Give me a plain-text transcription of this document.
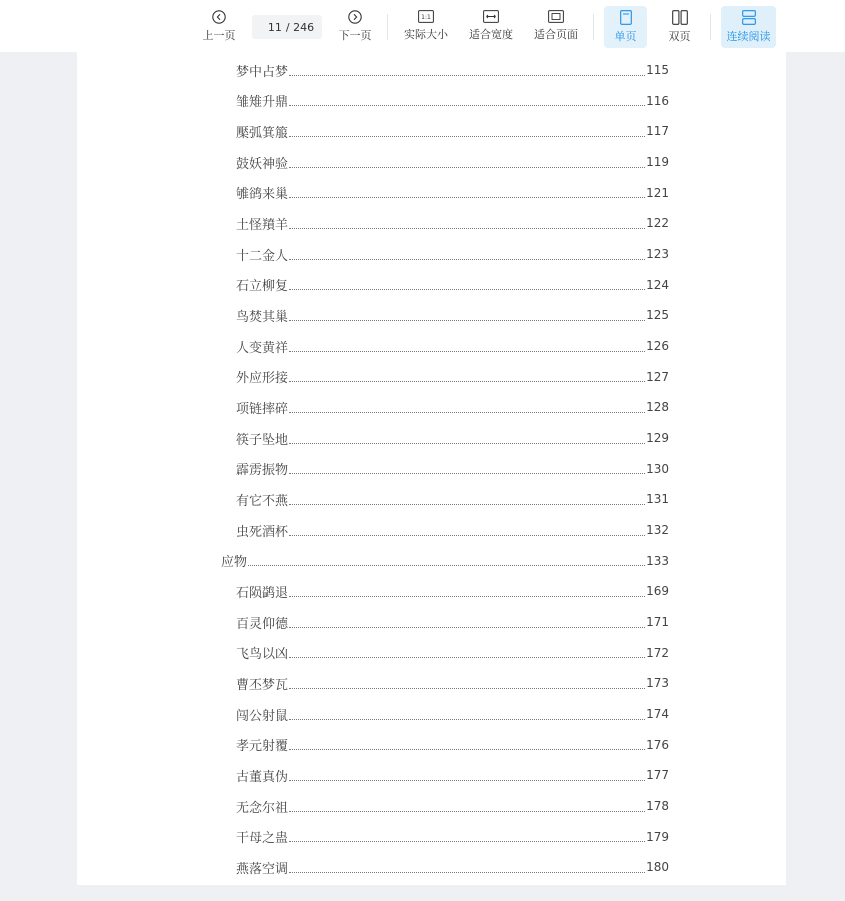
上一页
11
/ 246
下一页
1:1
实际大小 适合宽度 适合页面	单页	双页	连续阅读
梦中占梦	115
雏雉升鼎	116
檿弧箕箙	117
鼓妖神验	119
雊鹆来巢	121
土怪羵羊	122
十二金人	123
石立柳复	124
鸟焚其巢	125
人变黄祥	126
外应形接	127
项链摔碎	128
筷子坠地	129
霹雳振物	130
有它不燕	131
虫死酒杯	132
应物	133
石陨鹢退	169
百灵仰德	171
飞鸟以凶	172
曹丕梦瓦	173
闯公射鼠	174
孝元射覆	176
古董真伪	177
无念尔祖	178
干母之蛊	179
燕落空调	180
